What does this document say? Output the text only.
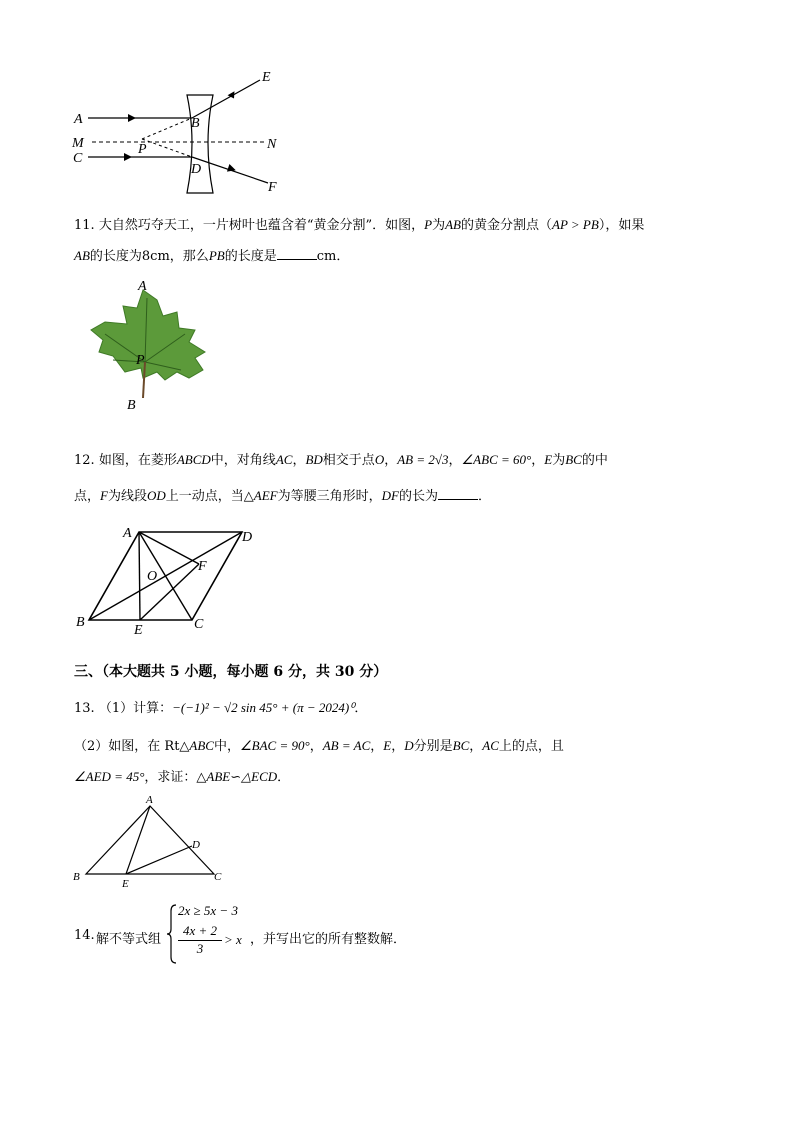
A
M
C
P
B
D
E
N
F
11. 大自然巧夺天工，一片树叶也蕴含着“黄金分割”．如图，P为AB的黄金分割点（AP > PB），如果
AB的长度为8cm，那么PB的长度是	cm．
A
P
B
12. 如图，在菱形ABCD中，对角线AC，BD相交于点O，AB = 2√3，∠ABC = 60°，E为BC的中
点，F为线段OD上一动点，当△AEF为等腰三角形时，DF的长为	．
A	D
O
F
B
E	C
三、（本大题共 5 小题，每小题 6 分，共 30 分）
13. （1）计算：−(−1)² − √2 sin 45° + (π − 2024)⁰．
（2）如图，在 Rt△ABC中，∠BAC = 90°，AB = AC，E，D分别是BC，AC上的点，且
∠AED = 45°，求证：△ABE∽△ECD．
A
D
B
E
C
14. 解不等式组
2x ≥ 5x − 3
$\frac{4x + 2}{3} > x$ ，并写出它的所有整数解．
